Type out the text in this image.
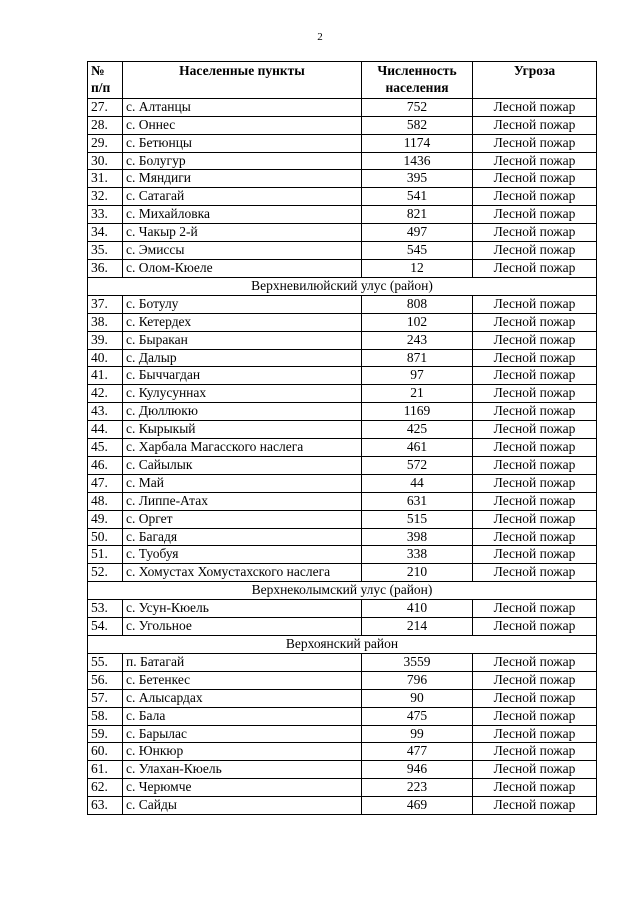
2
№ п/п	Населенные пункты	Численность населения	Угроза
27.	с. Алтанцы	752	Лесной пожар
28.	с. Оннес	582	Лесной пожар
29.	с. Бетюнцы	1174	Лесной пожар
30.	с. Болугур	1436	Лесной пожар
31.	с. Мяндиги	395	Лесной пожар
32.	с. Сатагай	541	Лесной пожар
33.	с. Михайловка	821	Лесной пожар
34.	с. Чакыр 2-й	497	Лесной пожар
35.	с. Эмиссы	545	Лесной пожар
36.	с. Олом-Кюеле	12	Лесной пожар
Верхневилюйский улус (район)			
37.	с. Ботулу	808	Лесной пожар
38.	с. Кетердех	102	Лесной пожар
39.	с. Быракан	243	Лесной пожар
40.	с. Далыр	871	Лесной пожар
41.	с. Быччагдан	97	Лесной пожар
42.	с. Кулусуннах	21	Лесной пожар
43.	с. Дюллюкю	1169	Лесной пожар
44.	с. Кырыкый	425	Лесной пожар
45.	с. Харбала Магасского наслега	461	Лесной пожар
46.	с. Сайылык	572	Лесной пожар
47.	с. Май	44	Лесной пожар
48.	с. Липпе-Атах	631	Лесной пожар
49.	с. Оргет	515	Лесной пожар
50.	с. Багадя	398	Лесной пожар
51.	с. Туобуя	338	Лесной пожар
52.	с. Хомустах Хомустахского наслега	210	Лесной пожар
Верхнеколымский улус (район)			
53.	с. Усун-Кюель	410	Лесной пожар
54.	с. Угольное	214	Лесной пожар
Верхоянский район			
55.	п. Батагай	3559	Лесной пожар
56.	с. Бетенкес	796	Лесной пожар
57.	с. Алысардах	90	Лесной пожар
58.	с. Бала	475	Лесной пожар
59.	с. Барылас	99	Лесной пожар
60.	с. Юнкюр	477	Лесной пожар
61.	с. Улахан-Кюель	946	Лесной пожар
62.	с. Черюмче	223	Лесной пожар
63.	с. Сайды	469	Лесной пожар
